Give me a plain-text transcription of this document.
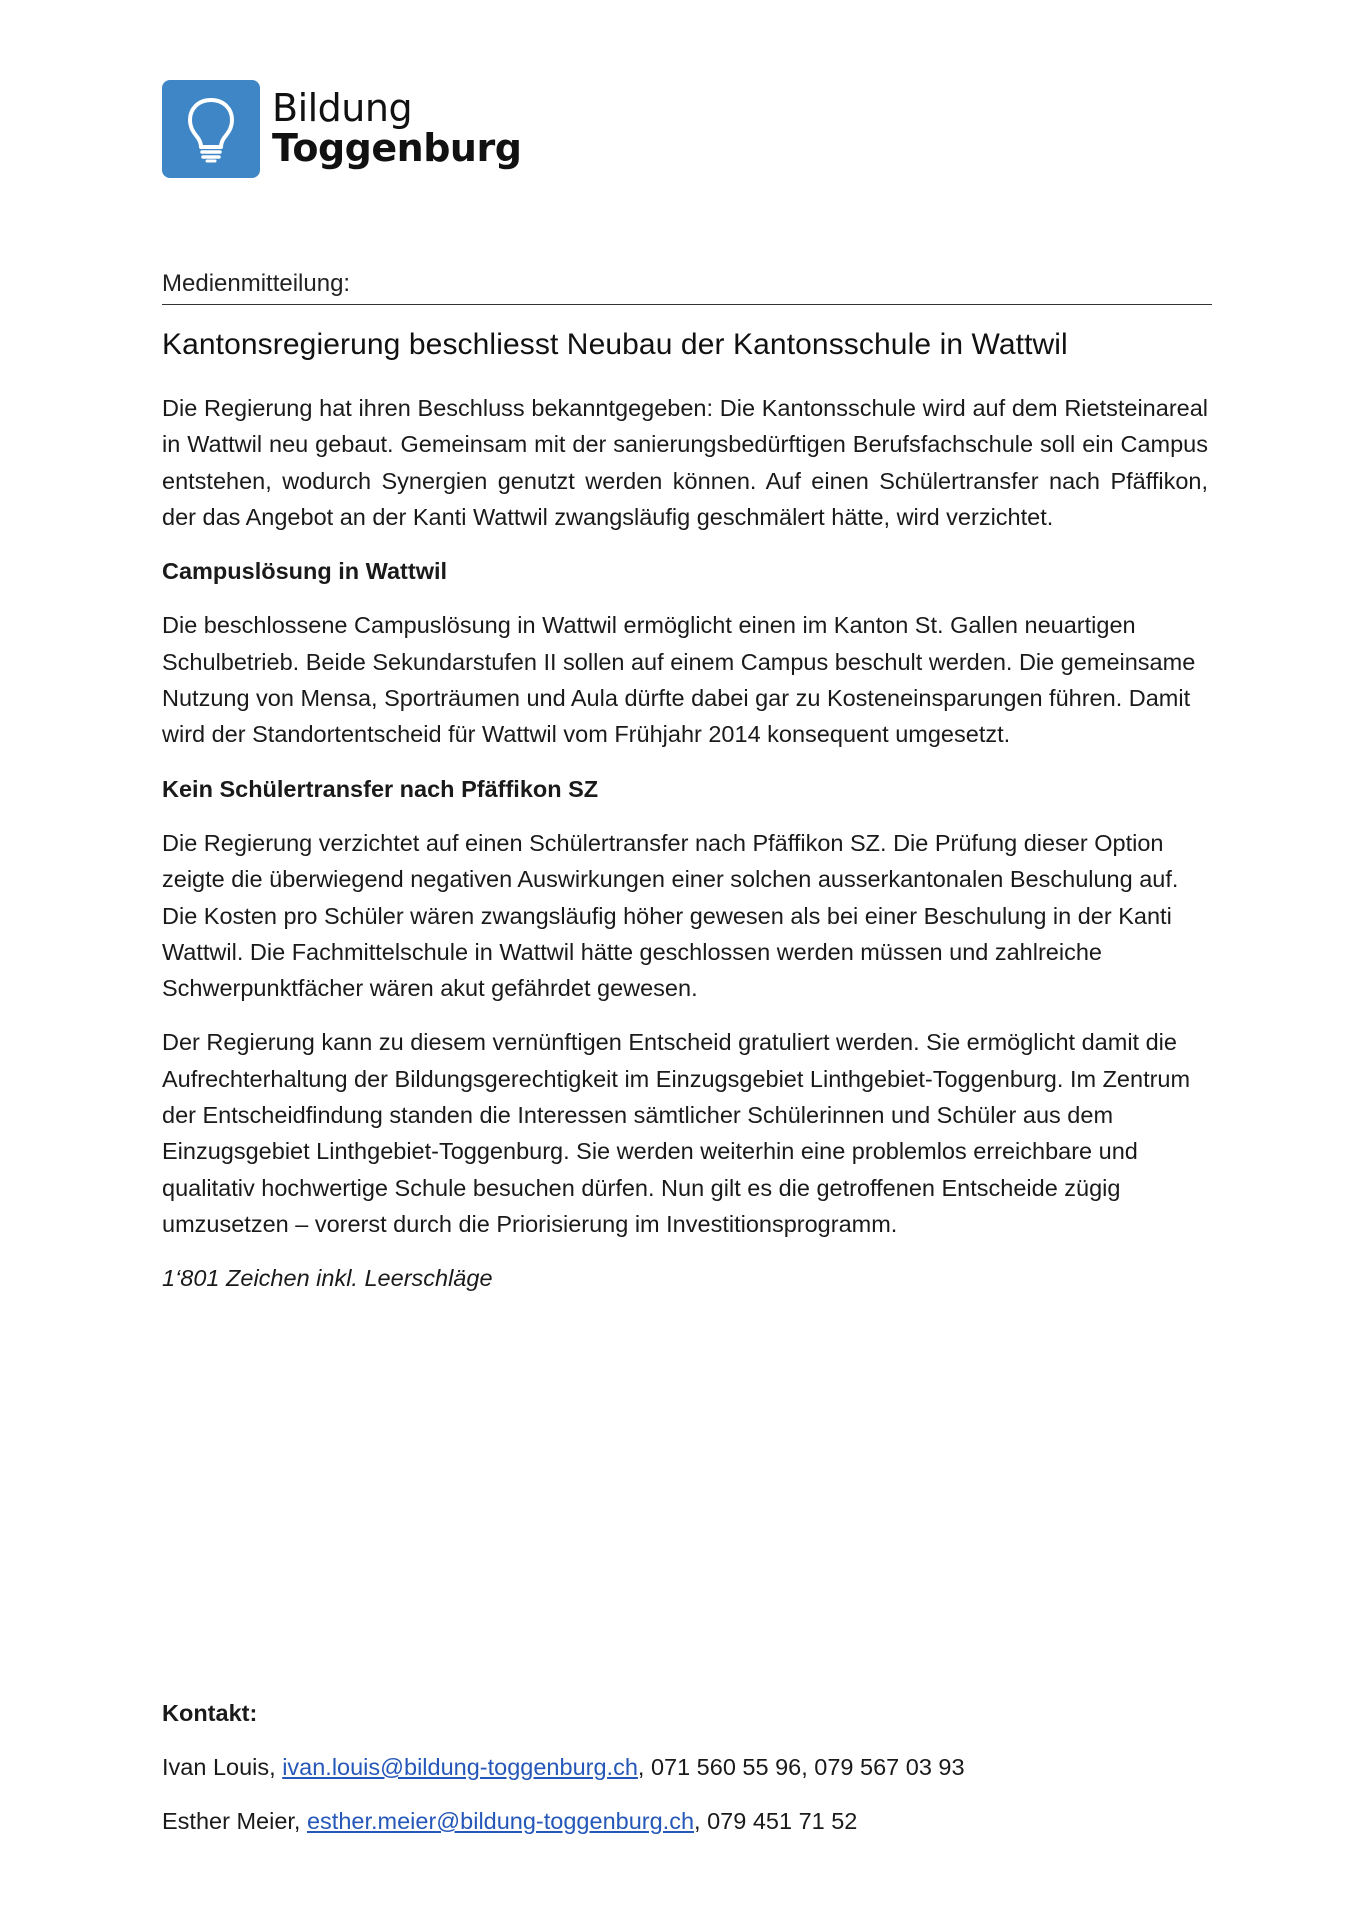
Bildung
Toggenburg
Medienmitteilung:
Kantonsregierung beschliesst Neubau der Kantonsschule in Wattwil

Die Regierung hat ihren Beschluss bekanntgegeben: Die Kantonsschule wird auf dem Rietsteinareal in Wattwil neu gebaut. Gemeinsam mit der sanierungsbedürftigen Berufsfachschule soll ein Campus entstehen, wodurch Synergien genutzt werden können. Auf einen Schülertransfer nach Pfäffikon, der das Angebot an der Kanti Wattwil zwangsläufig geschmälert hätte, wird verzichtet.

Campuslösung in Wattwil

Die beschlossene Campuslösung in Wattwil ermöglicht einen im Kanton St. Gallen neuartigen Schulbetrieb. Beide Sekundarstufen II sollen auf einem Campus beschult werden. Die gemeinsame Nutzung von Mensa, Sporträumen und Aula dürfte dabei gar zu Kosteneinsparungen führen. Damit wird der Standortentscheid für Wattwil vom Frühjahr 2014 konsequent umgesetzt.

Kein Schülertransfer nach Pfäffikon SZ

Die Regierung verzichtet auf einen Schülertransfer nach Pfäffikon SZ. Die Prüfung dieser Option zeigte die überwiegend negativen Auswirkungen einer solchen ausserkantonalen Beschulung auf. Die Kosten pro Schüler wären zwangsläufig höher gewesen als bei einer Beschulung in der Kanti Wattwil. Die Fachmittelschule in Wattwil hätte geschlossen werden müssen und zahlreiche Schwerpunktfächer wären akut gefährdet gewesen.

Der Regierung kann zu diesem vernünftigen Entscheid gratuliert werden. Sie ermöglicht damit die Aufrechterhaltung der Bildungsgerechtigkeit im Einzugsgebiet Linthgebiet-Toggenburg. Im Zentrum der Entscheidfindung standen die Interessen sämtlicher Schülerinnen und Schüler aus dem Einzugsgebiet Linthgebiet-Toggenburg. Sie werden weiterhin eine problemlos erreichbare und qualitativ hochwertige Schule besuchen dürfen. Nun gilt es die getroffenen Entscheide zügig umzusetzen – vorerst durch die Priorisierung im Investitionsprogramm.

1‘801 Zeichen inkl. Leerschläge

Kontakt:

Ivan Louis, ivan.louis@bildung-toggenburg.ch, 071 560 55 96, 079 567 03 93

Esther Meier, esther.meier@bildung-toggenburg.ch, 079 451 71 52
